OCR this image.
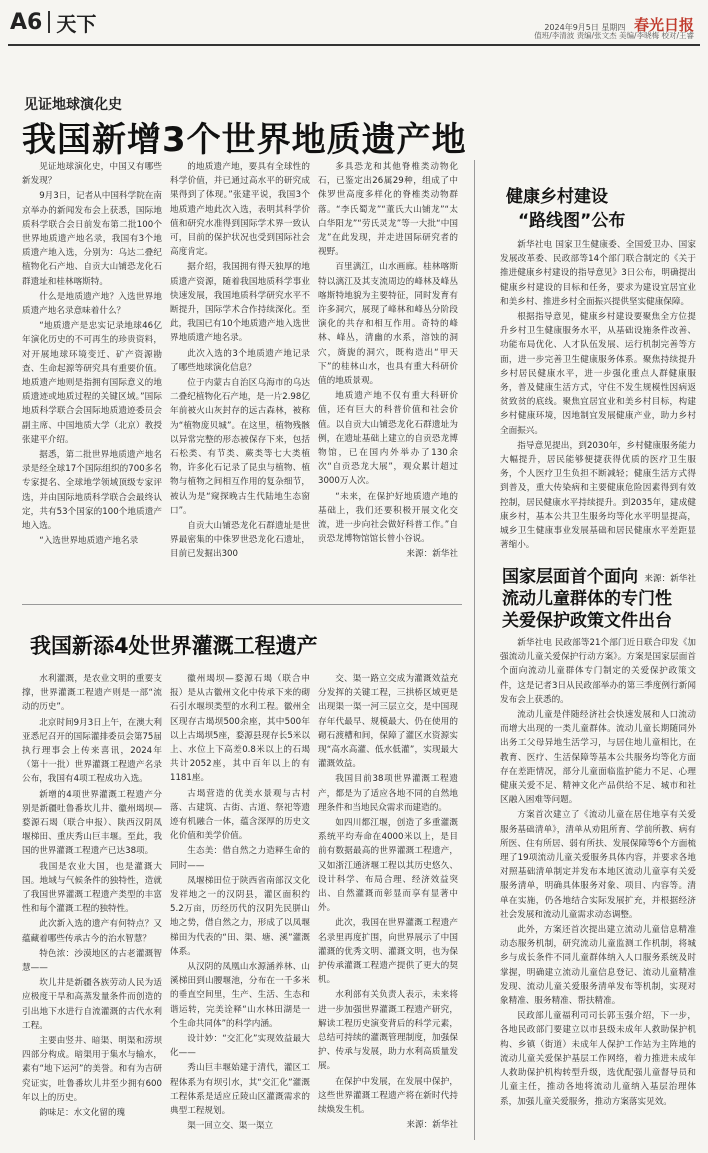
A6 天下	2024年9月5日 星期四 春光日报
值班/李清波 责编/张文杰 美编/李晓梅 校对/王睿
见证地球演化史
我国新增3个世界地质遗产地

见证地球演化史，中国又有哪些新发现？

9月3日，记者从中国科学院在南京举办的新闻发布会上获悉，国际地质科学联合会日前发布第二批100个世界地质遗产地名录，我国有3个地质遗产地入选，分别为：乌达二叠纪植物化石产地、自贡大山铺恐龙化石群遗址和桂林喀斯特。

什么是地质遗产地？入选世界地质遗产地名录意味着什么？

“地质遗产是忠实记录地球46亿年演化历史的不可再生的珍贵资料，对开展地球环境变迁、矿产资源勘查、生命起源等研究具有重要价值。地质遗产地则是指拥有国际意义的地质遗迹或地质过程的关键区域。”国际地质科学联合会国际地质遗迹委员会副主席、中国地质大学（北京）教授张建平介绍。

据悉，第二批世界地质遗产地名录是经全球17个国际组织的700多名专家提名、全球地学领域顶级专家评选，并由国际地质科学联合会最终认定，共有53个国家的100个地质遗产地入选。

“入选世界地质遗产地名录

的地质遗产地，要具有全球性的科学价值，并已通过高水平的研究成果得到了体现。”张建平说，我国3个地质遗产地此次入选，表明其科学价值和研究水准得到国际学术界一致认可，目前的保护状况也受到国际社会高度肯定。

据介绍，我国拥有得天独厚的地质遗产资源，随着我国地质科学事业快速发展，我国地质科学研究水平不断提升，国际学术合作持续深化。至此，我国已有10个地质遗产地入选世界地质遗产地名录。

此次入选的3个地质遗产地记录了哪些地球演化信息？

位于内蒙古自治区乌海市的乌达二叠纪植物化石产地，是一片2.98亿年前被火山灰封存的远古森林，被称为“植物庞贝城”。在这里，植物残骸以异常完整的形态被保存下来，包括石松类、有节类、蕨类等七大类植物，许多化石记录了昆虫与植物、植物与植物之间相互作用的复杂细节，被认为是“窥探晚古生代陆地生态窗口”。

自贡大山铺恐龙化石群遗址是世界最密集的中侏罗世恐龙化石遗址，目前已发掘出300

多具恐龙和其他脊椎类动物化石，已鉴定出26属29种，组成了中侏罗世高度多样化的脊椎类动物群落。“李氏蜀龙”“董氏大山铺龙”“太白华阳龙”“劳氏灵龙”等一大批“中国龙”在此发现，并走进国际研究者的视野。

百里漓江，山水画廊。桂林喀斯特以漓江及其支流周边的峰林及峰丛喀斯特地貌为主要特征，同时发育有许多洞穴，展现了峰林和峰丛分阶段演化的共存和相互作用。奇特的峰林、峰丛，清幽的水系，溶蚀的洞穴，旖旎的洞穴，既构造出“甲天下”的桂林山水，也具有重大科研价值的地质景观。

地质遗产地不仅有重大科研价值，还有巨大的科普价值和社会价值。以自贡大山铺恐龙化石群遗址为例，在遗址基础上建立的自贡恐龙博物馆，已在国内外举办了130余次“自贡恐龙大展”，观众累计超过3000万人次。

“未来，在保护好地质遗产地的基础上，我们还要积极开展文化交流，进一步向社会做好科普工作。”自贡恐龙博物馆馆长曾小谷说。

来源：新华社
我国新添4处世界灌溉工程遗产

水利灌溉，是农业文明的重要支撑，世界灌溉工程遗产则是一部“流动的历史”。

北京时间9月3日上午，在澳大利亚悉尼召开的国际灌排委员会第75届执行理事会上传来喜讯，2024年（第十一批）世界灌溉工程遗产名录公布，我国有4项工程成功入选。

新增的4项世界灌溉工程遗产分别是新疆吐鲁番坎儿井、徽州堨坝—婺源石堨（联合申报）、陕西汉阴凤堰梯田、重庆秀山巨丰堰。至此，我国的世界灌溉工程遗产已达38项。

我国是农业大国，也是灌溉大国。地域与气候条件的独特性，造就了我国世界灌溉工程遗产类型的丰富性和每个灌溉工程的独特性。

此次新入选的遗产有何特点？又蕴藏着哪些传承古今的治水智慧？

特色浓：沙漠地区的古老灌溉智慧——

坎儿井是新疆各族劳动人民为适应极度干旱和高蒸发量条件而创造的引出地下水进行自流灌溉的古代水利工程。

主要由竖井、暗渠、明渠和涝坝四部分构成。暗渠用于集水与输水，素有“地下运河”的美誉。和有为吉研究证实，吐鲁番坎儿井至少拥有600年以上的历史。

韵味足：水文化留的瑰

徽州堨坝—婺源石堨（联合申报）是从古徽州文化中传承下来的砌石引水堰坝类型的水利工程。徽州全区现存古堨坝500余座，其中500年以上古堨坝5座，婺源县现存长5米以上、水位上下高差0.8米以上的石堨共计2052座，其中百年以上的有1181座。

古堨营造的优美水景观与古村落、古建筑、古街、古道、祭祀等遗迹有机融合一体，蕴含深厚的历史文化价值和美学价值。

生态美：借自然之力造释生命的同时——

凤堰梯田位于陕西省南部汉文化发祥地之一的汉阴县，灌区面积约5.2万亩，历经历代的汉阴先民胼山地之势，借自然之力，形成了以凤堰梯田为代表的“田、渠、塘、溪”灌溉体系。

从汉阴的凤凰山水源涵养林、山溪梯田到山腰堰池，分布在一千多米的垂直空间里，生产、生活、生态和谐运转，完美诠释“山水林田湖是一个生命共同体”的科学内涵。

设计妙：“交汇化”实现效益最大化——

秀山巨丰堰始建于清代，灌区工程体系为有坝引水，其“交汇化”灌溉工程体系是适应丘陵山区灌溉需求的典型工程规划。

渠一回立交、渠一渠立

交、渠一路立交成为灌溉效益充分发挥的关键工程，三拱桥区域更是出现渠一渠一河三层立交，是中国现存年代最早、规模最大、仍在使用的砌石渡槽和间，保障了灌区水资源实现“高水高灌、低水低灌”，实现最大灌溉效益。

我国目前38项世界灌溉工程遗产，都是为了适应各地不同的自然地理条件和当地民众需求而建造的。

如四川都江堰，创造了多重灌溉系统平均寿命在4000米以上，是目前有数据最高的世界灌溉工程遗产，又如浙江通济堰工程以其历史悠久、设计科学、布局合理、经济效益突出、自然灌溉而彰显而享有显著中外。

此次，我国在世界灌溉工程遗产名录里再度扩围，向世界展示了中国灌溉的优秀文明、灌溉文明，也为保护传承灌溉工程遗产提供了更大的契机。

水利部有关负责人表示，未来将进一步加强世界灌溉工程遗产研究，解读工程历史演变背后的科学元素，总结可持续的灌溉管理制度，加强保护、传承与发展，助力水利高质量发展。

在保护中发展，在发展中保护，这些世界灌溉工程遗产将在新时代持续焕发生机。

来源：新华社
健康乡村建设
“路线图”公布

新华社电 国家卫生健康委、全国爱卫办、国家发展改革委、民政部等14个部门联合制定的《关于推进健康乡村建设的指导意见》3日公布，明确提出健康乡村建设的目标和任务，要求为建设宜居宜业和美乡村、推进乡村全面振兴提供坚实健康保障。

根据指导意见，健康乡村建设要聚焦全方位提升乡村卫生健康服务水平，从基础设施条件改善、功能布局优化、人才队伍发展、运行机制完善等方面，进一步完善卫生健康服务体系。聚焦持续提升乡村居民健康水平，进一步强化重点人群健康服务，普及健康生活方式，守住不发生规模性因病返贫致贫的底线。聚焦宜居宜业和美乡村目标，构建乡村健康环境，因地制宜发展健康产业，助力乡村全面振兴。

指导意见提出，到2030年，乡村健康服务能力大幅提升，居民能够便捷获得优质的医疗卫生服务，个人医疗卫生负担不断减轻；健康生活方式得到普及，重大传染病和主要健康危险因素得到有效控制，居民健康水平持续提升。到2035年，建成健康乡村，基本公共卫生服务均等化水平明显提高，城乡卫生健康事业发展基础和居民健康水平差距显著缩小。

来源：新华社
国家层面首个面向
流动儿童群体的专门性
关爱保护政策文件出台

新华社电 民政部等21个部门近日联合印发《加强流动儿童关爱保护行动方案》。方案是国家层面首个面向流动儿童群体专门制定的关爱保护政策文件，这是记者3日从民政部举办的第三季度例行新闻发布会上获悉的。

流动儿童是伴随经济社会快速发展和人口流动而增大出现的一类儿童群体。流动儿童长期随同外出务工父母异地生活学习，与居住地儿童相比，在教育、医疗、生活保障等基本公共服务均等化方面存在差距情况，部分儿童面临监护能力不足、心理健康关爱不足、精神文化产品供给不足、城市和社区融入困难等问题。

方案首次建立了《流动儿童在居住地享有关爱服务基础清单》，清单从劝阻所育、学前所教、病有所医、住有所居、弱有所扶、发展保障等6个方面梳理了19项流动儿童关爱服务具体内容，并要求各地对照基础清单制定并发布本地区流动儿童享有关爱服务清单，明确具体服务对象、项目、内容等。清单在实施，仍各地结合实际发展扩充，并根据经济社会发展和流动儿童需求动态调整。

此外，方案还首次提出建立流动儿童信息精准动态服务机制，研究流动儿童监测工作机制，将城乡与成长条件不同儿童群体纳入人口服务系统及时掌握，明确建立流动儿童信息登记、流动儿童精准发现、流动儿童关爱服务清单发布等机制，实现对象精准、服务精准、帮扶精准。

民政部儿童福利司司长郭玉强介绍，下一步，各地民政部门要建立以市县级未成年人救助保护机构、乡镇（街道）未成年人保护工作站为主阵地的流动儿童关爱保护基层工作网络，着力推进未成年人救助保护机构转型升级，选优配强儿童督导员和儿童主任，推动各地将流动儿童纳入基层治理体系，加强儿童关爱服务，推动方案落实见效。
